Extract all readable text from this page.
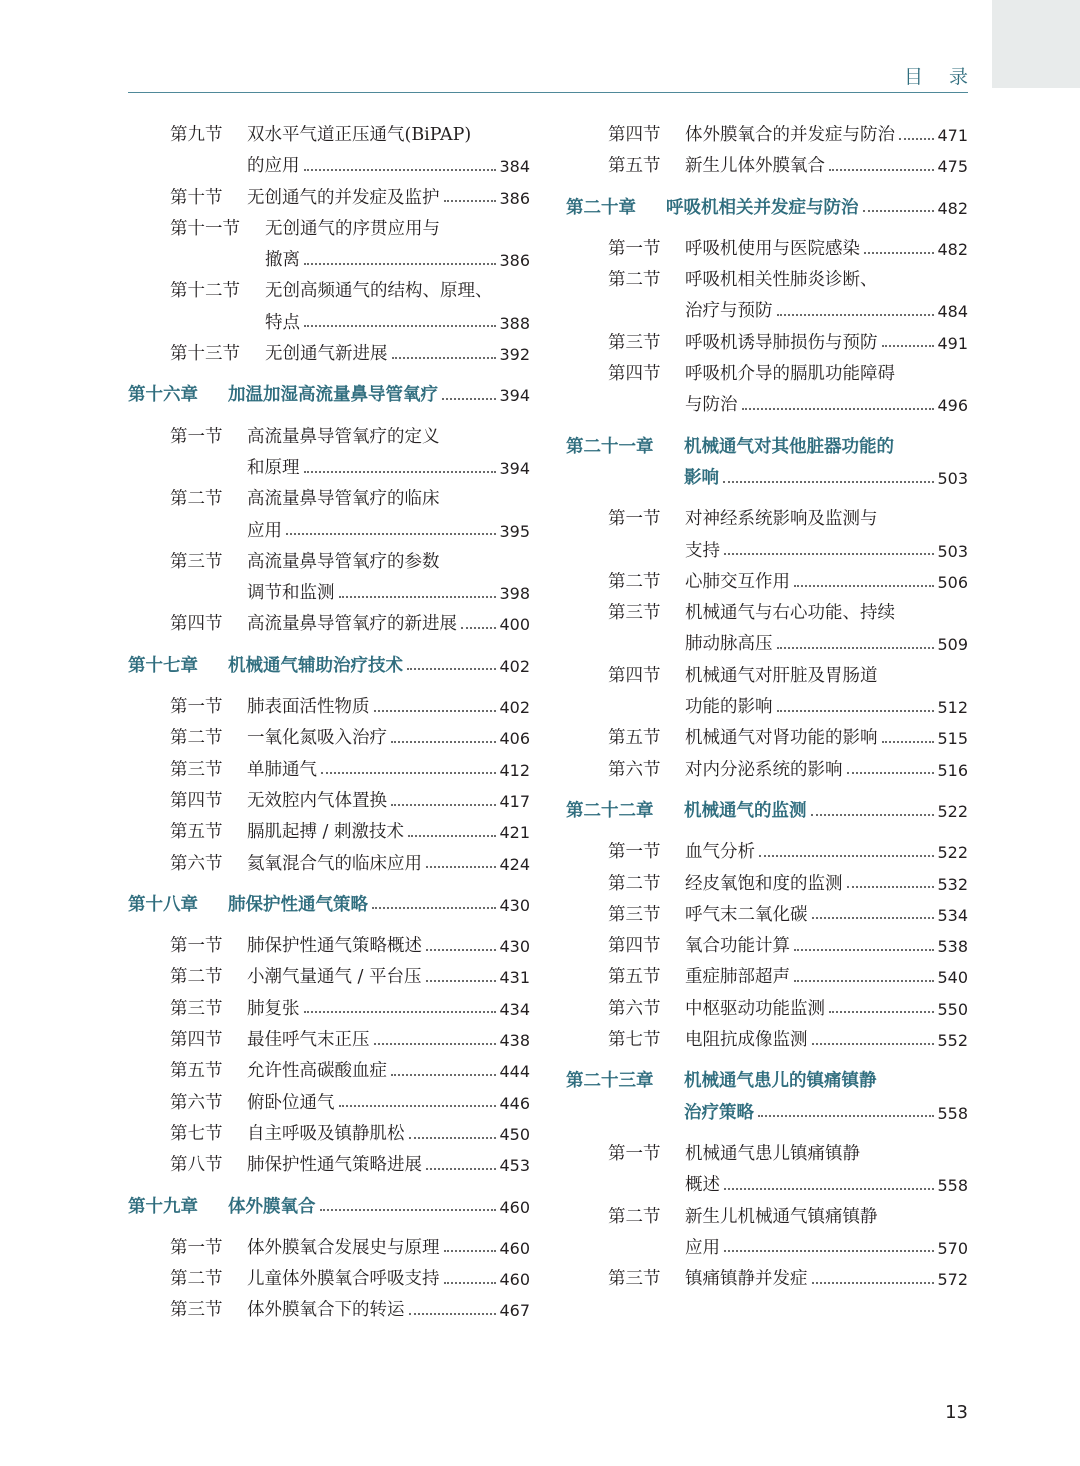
目录
第九节 双水平气道正压通气(BiPAP)
的应用	384
第十节 无创通气的并发症及监护	386
第十一节 无创通气的序贯应用与
撤离	386
第十二节 无创高频通气的结构、原理、
特点	388
第十三节 无创通气新进展	392
第十六章 加温加湿高流量鼻导管氧疗	394
第一节 高流量鼻导管氧疗的定义
和原理	394
第二节 高流量鼻导管氧疗的临床
应用	395
第三节 高流量鼻导管氧疗的参数
调节和监测	398
第四节 高流量鼻导管氧疗的新进展	400
第十七章 机械通气辅助治疗技术	402
第一节 肺表面活性物质	402
第二节 一氧化氮吸入治疗	406
第三节 单肺通气	412
第四节 无效腔内气体置换	417
第五节 膈肌起搏 / 刺激技术	421
第六节 氦氧混合气的临床应用	424
第十八章 肺保护性通气策略	430
第一节 肺保护性通气策略概述	430
第二节 小潮气量通气 / 平台压	431
第三节 肺复张	434
第四节 最佳呼气末正压	438
第五节 允许性高碳酸血症	444
第六节 俯卧位通气	446
第七节 自主呼吸及镇静肌松	450
第八节 肺保护性通气策略进展	453
第十九章 体外膜氧合	460
第一节 体外膜氧合发展史与原理	460
第二节 儿童体外膜氧合呼吸支持	460
第三节 体外膜氧合下的转运	467
第四节 体外膜氧合的并发症与防治	471
第五节 新生儿体外膜氧合	475
第二十章 呼吸机相关并发症与防治	482
第一节 呼吸机使用与医院感染	482
第二节 呼吸机相关性肺炎诊断、
治疗与预防	484
第三节 呼吸机诱导肺损伤与预防	491
第四节 呼吸机介导的膈肌功能障碍
与防治	496
第二十一章 机械通气对其他脏器功能的
影响	503
第一节 对神经系统影响及监测与
支持	503
第二节 心肺交互作用	506
第三节 机械通气与右心功能、持续
肺动脉高压	509
第四节 机械通气对肝脏及胃肠道
功能的影响	512
第五节 机械通气对肾功能的影响	515
第六节 对内分泌系统的影响	516
第二十二章 机械通气的监测	522
第一节 血气分析	522
第二节 经皮氧饱和度的监测	532
第三节 呼气末二氧化碳	534
第四节 氧合功能计算	538
第五节 重症肺部超声	540
第六节 中枢驱动功能监测	550
第七节 电阻抗成像监测	552
第二十三章 机械通气患儿的镇痛镇静
治疗策略	558
第一节 机械通气患儿镇痛镇静
概述	558
第二节 新生儿机械通气镇痛镇静
应用	570
第三节 镇痛镇静并发症	572
13
